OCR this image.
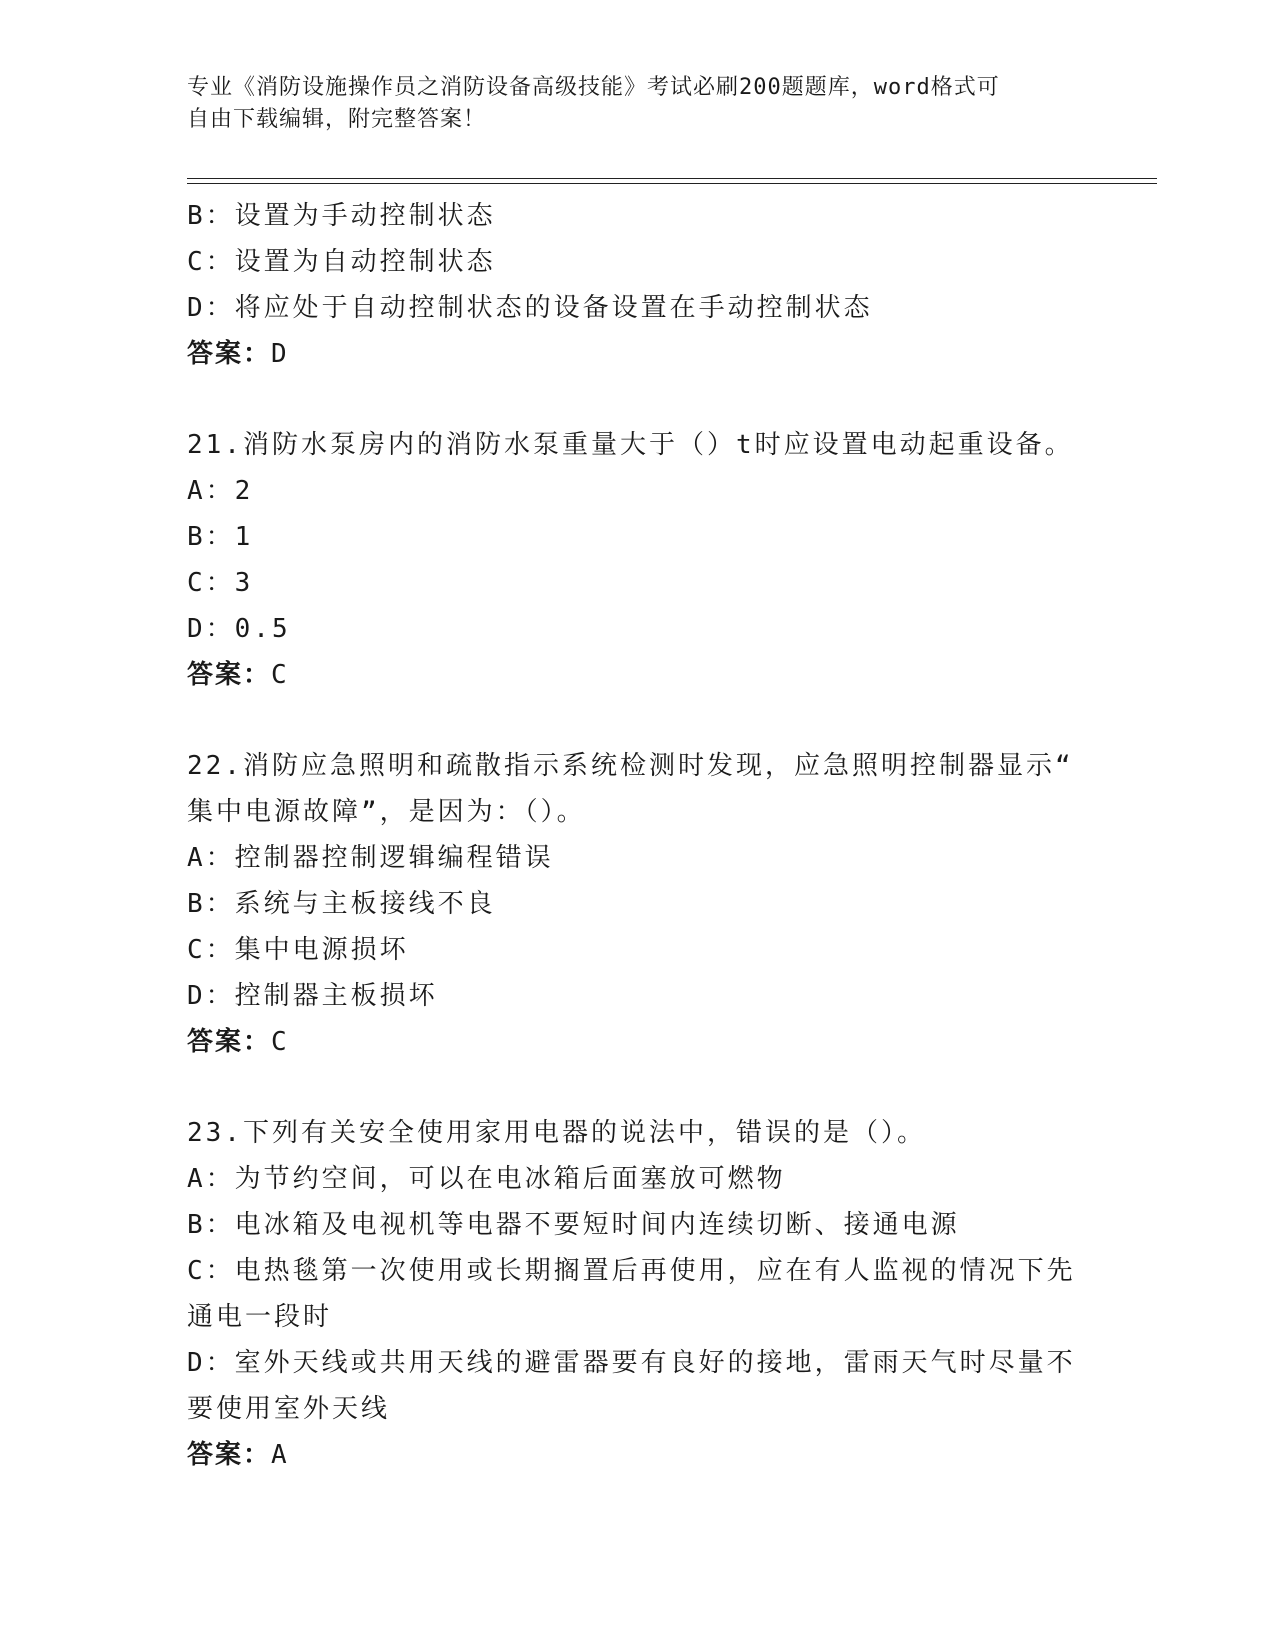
专业《消防设施操作员之消防设备高级技能》考试必刷200题题库，word格式可
自由下载编辑，附完整答案！
B：设置为手动控制状态
C：设置为自动控制状态
D：将应处于自动控制状态的设备设置在手动控制状态
答案：D
21.消防水泵房内的消防水泵重量大于（）t时应设置电动起重设备。
A：2
B：1
C：3
D：0.5
答案：C
22.消防应急照明和疏散指示系统检测时发现，应急照明控制器显示“
集中电源故障”，是因为：（）。
A：控制器控制逻辑编程错误
B：系统与主板接线不良
C：集中电源损坏
D：控制器主板损坏
答案：C
23.下列有关安全使用家用电器的说法中，错误的是（）。
A：为节约空间，可以在电冰箱后面塞放可燃物
B：电冰箱及电视机等电器不要短时间内连续切断、接通电源
C：电热毯第一次使用或长期搁置后再使用，应在有人监视的情况下先
通电一段时
D：室外天线或共用天线的避雷器要有良好的接地，雷雨天气时尽量不
要使用室外天线
答案：A
